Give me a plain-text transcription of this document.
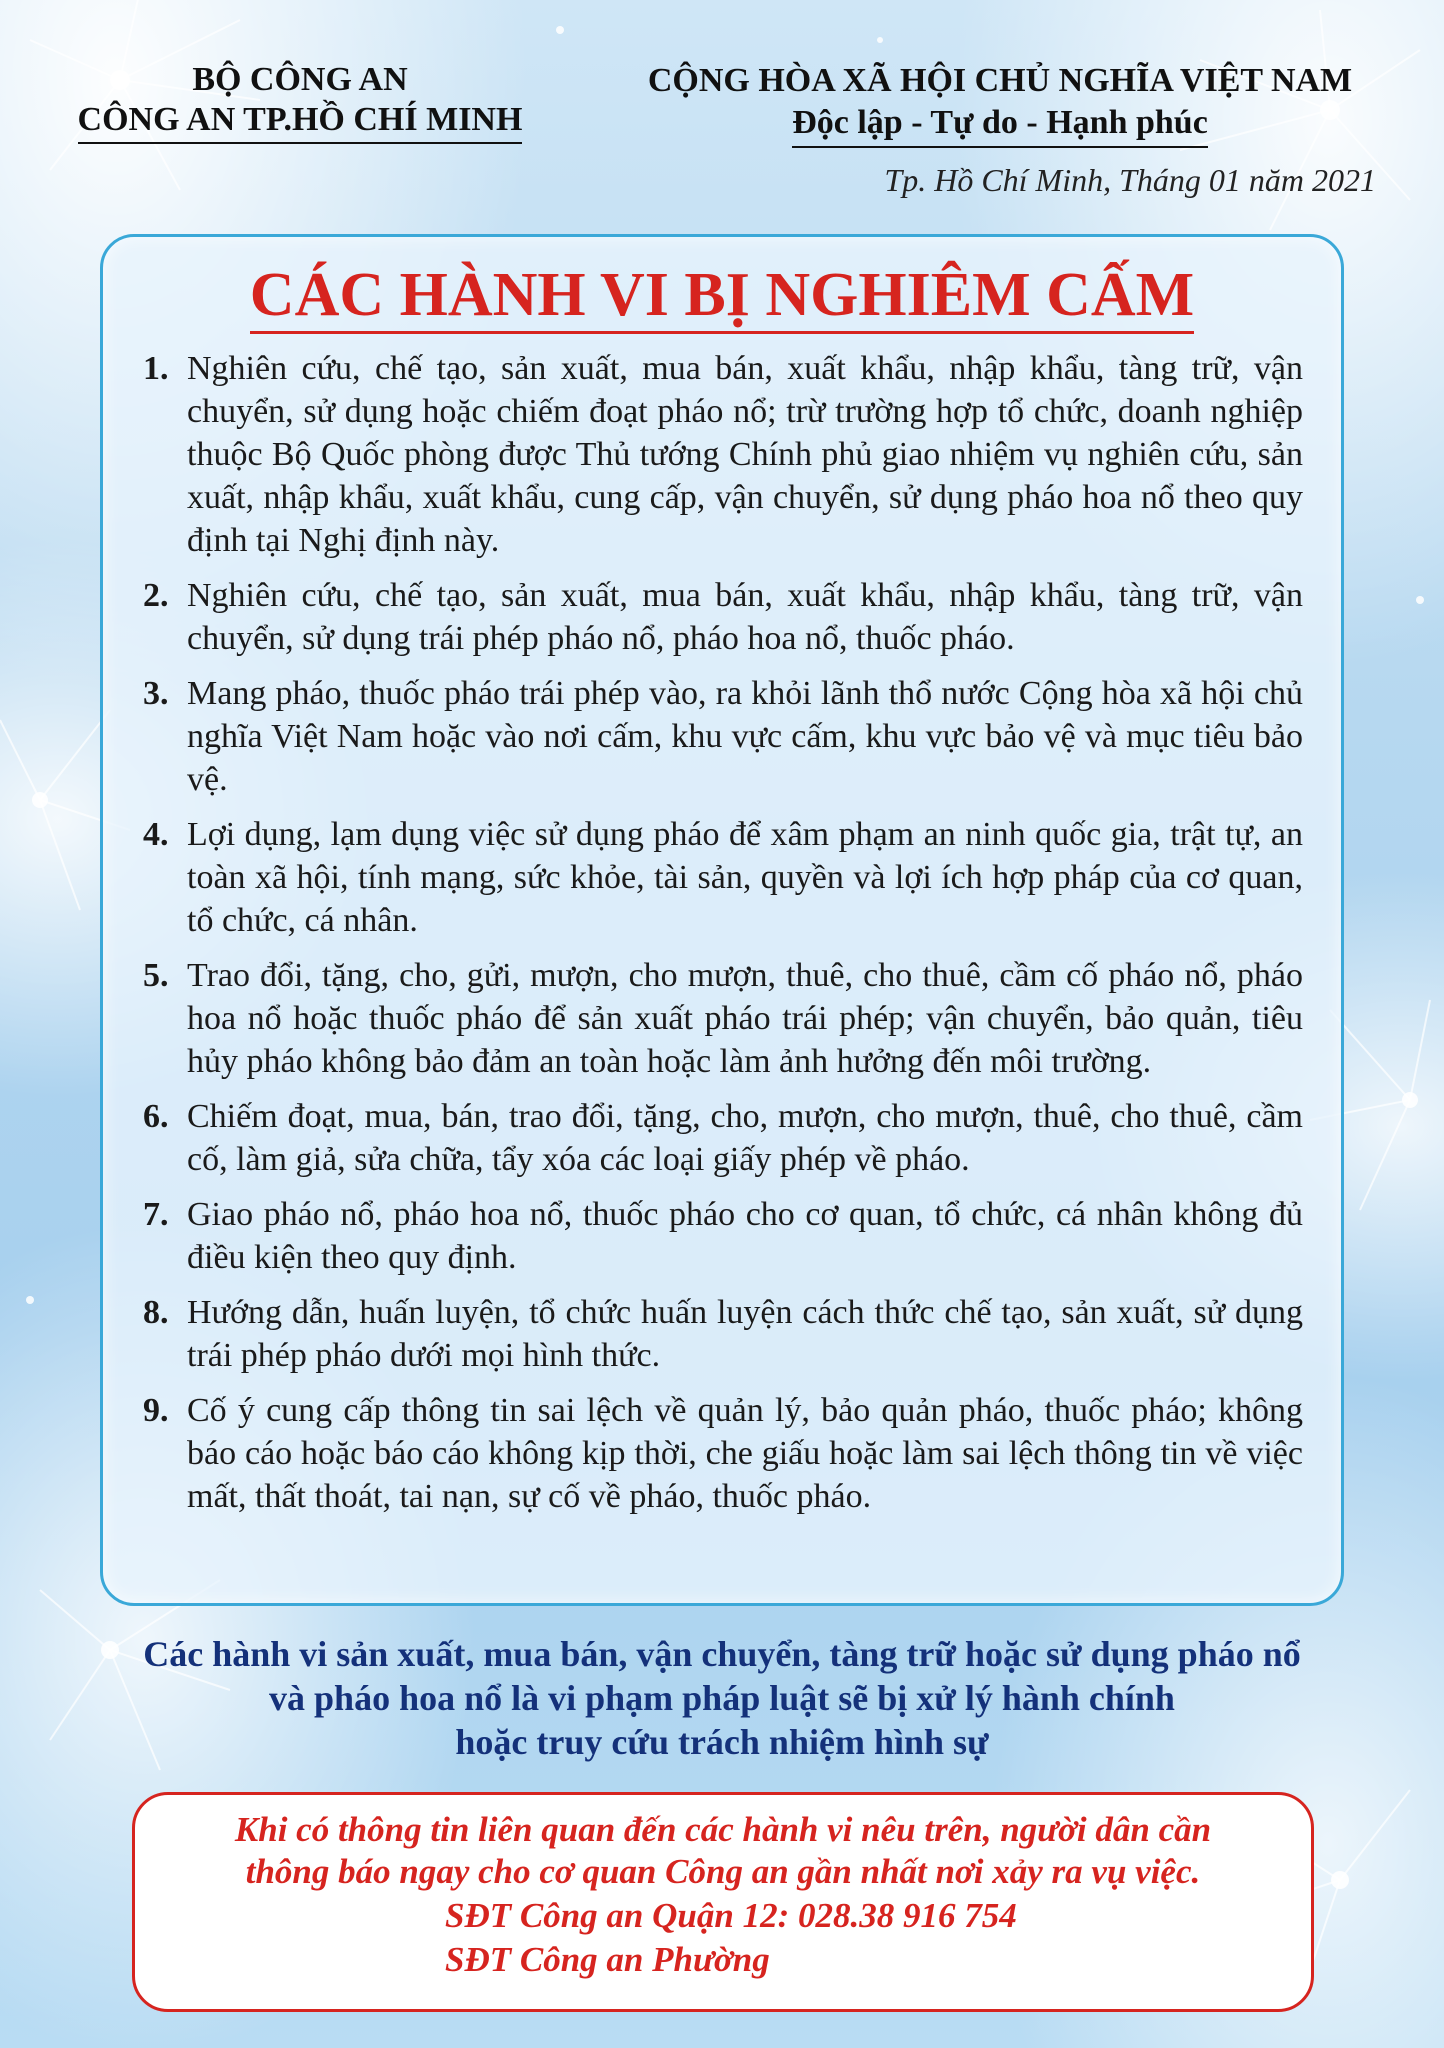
BỘ CÔNG AN
CÔNG AN TP.HỒ CHÍ MINH
CỘNG HÒA XÃ HỘI CHỦ NGHĨA VIỆT NAM
Độc lập - Tự do - Hạnh phúc
Tp. Hồ Chí Minh, Tháng 01 năm 2021
CÁC HÀNH VI BỊ NGHIÊM CẤM
1. Nghiên cứu, chế tạo, sản xuất, mua bán, xuất khẩu, nhập khẩu, tàng trữ, vận chuyển, sử dụng hoặc chiếm đoạt pháo nổ; trừ trường hợp tổ chức, doanh nghiệp thuộc Bộ Quốc phòng được Thủ tướng Chính phủ giao nhiệm vụ nghiên cứu, sản xuất, nhập khẩu, xuất khẩu, cung cấp, vận chuyển, sử dụng pháo hoa nổ theo quy định tại Nghị định này.
2. Nghiên cứu, chế tạo, sản xuất, mua bán, xuất khẩu, nhập khẩu, tàng trữ, vận chuyển, sử dụng trái phép pháo nổ, pháo hoa nổ, thuốc pháo.
3. Mang pháo, thuốc pháo trái phép vào, ra khỏi lãnh thổ nước Cộng hòa xã hội chủ nghĩa Việt Nam hoặc vào nơi cấm, khu vực cấm, khu vực bảo vệ và mục tiêu bảo vệ.
4. Lợi dụng, lạm dụng việc sử dụng pháo để xâm phạm an ninh quốc gia, trật tự, an toàn xã hội, tính mạng, sức khỏe, tài sản, quyền và lợi ích hợp pháp của cơ quan, tổ chức, cá nhân.
5. Trao đổi, tặng, cho, gửi, mượn, cho mượn, thuê, cho thuê, cầm cố pháo nổ, pháo hoa nổ hoặc thuốc pháo để sản xuất pháo trái phép; vận chuyển, bảo quản, tiêu hủy pháo không bảo đảm an toàn hoặc làm ảnh hưởng đến môi trường.
6. Chiếm đoạt, mua, bán, trao đổi, tặng, cho, mượn, cho mượn, thuê, cho thuê, cầm cố, làm giả, sửa chữa, tẩy xóa các loại giấy phép về pháo.
7. Giao pháo nổ, pháo hoa nổ, thuốc pháo cho cơ quan, tổ chức, cá nhân không đủ điều kiện theo quy định.
8. Hướng dẫn, huấn luyện, tổ chức huấn luyện cách thức chế tạo, sản xuất, sử dụng trái phép pháo dưới mọi hình thức.
9. Cố ý cung cấp thông tin sai lệch về quản lý, bảo quản pháo, thuốc pháo; không báo cáo hoặc báo cáo không kịp thời, che giấu hoặc làm sai lệch thông tin về việc mất, thất thoát, tai nạn, sự cố về pháo, thuốc pháo.
Các hành vi sản xuất, mua bán, vận chuyển, tàng trữ hoặc sử dụng pháo nổ
và pháo hoa nổ là vi phạm pháp luật sẽ bị xử lý hành chính
hoặc truy cứu trách nhiệm hình sự
Khi có thông tin liên quan đến các hành vi nêu trên, người dân cần
thông báo ngay cho cơ quan Công an gần nhất nơi xảy ra vụ việc.
SĐT Công an Quận 12: 028.38 916 754
SĐT Công an Phường
